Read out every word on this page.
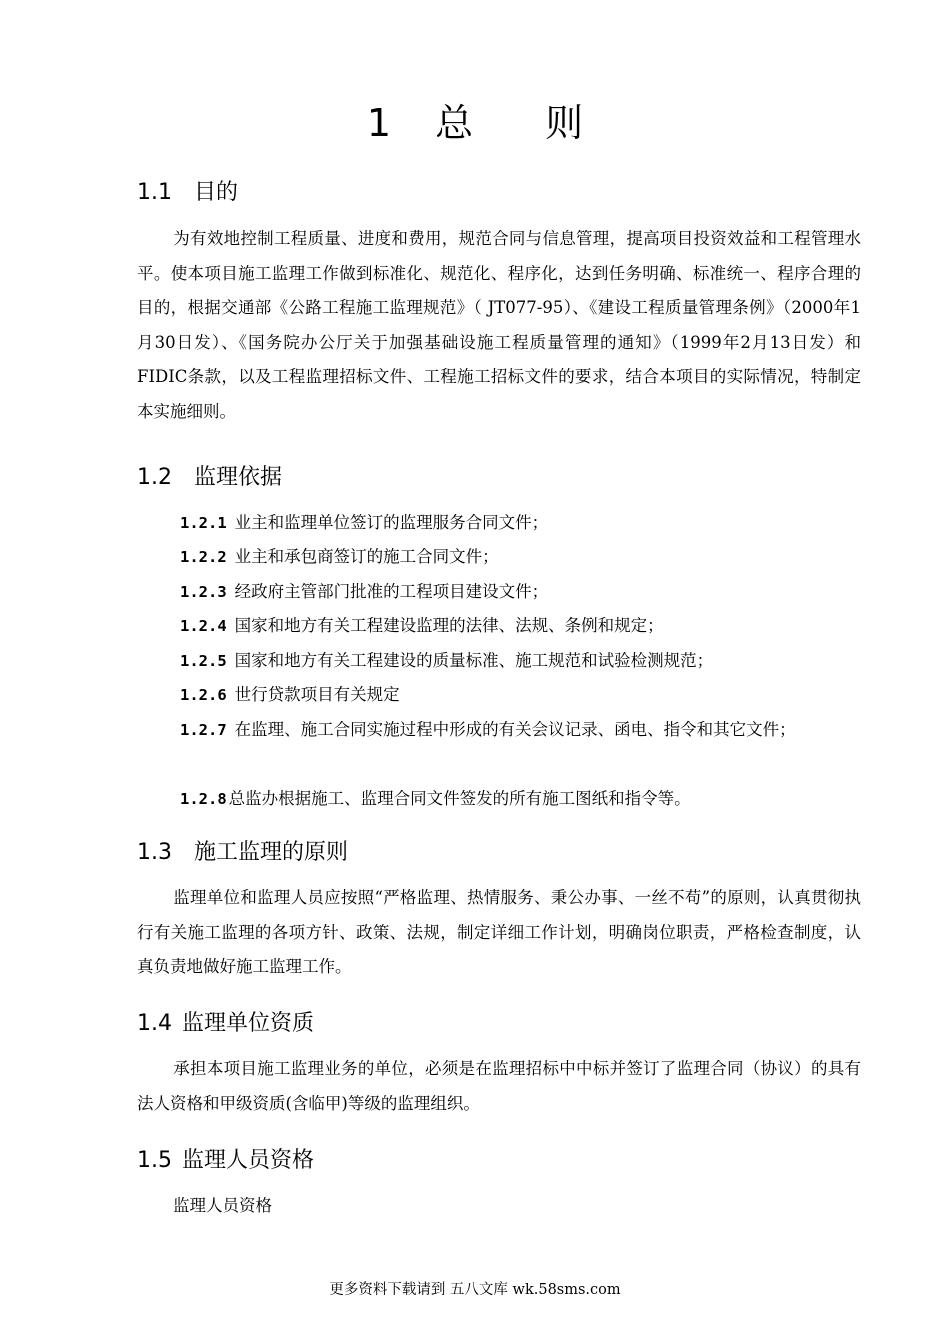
1 总 则
1.1 目的

为有效地控制工程质量、进度和费用，规范合同与信息管理，提高项目投资效益和工程管理水平。使本项目施工监理工作做到标准化、规范化、程序化，达到任务明确、标准统一、程序合理的目的，根据交通部《公路工程施工监理规范》（ JT077-95）、《建设工程质量管理条例》（2000年1月30日发）、《国务院办公厅关于加强基础设施工程质量管理的通知》（1999年2月13日发）和FIDIC条款，以及工程监理招标文件、工程施工招标文件的要求，结合本项目的实际情况，特制定本实施细则。

1.2 监理依据

1.2.1 业主和监理单位签订的监理服务合同文件；

1.2.2 业主和承包商签订的施工合同文件；

1.2.3 经政府主管部门批准的工程项目建设文件；

1.2.4 国家和地方有关工程建设监理的法律、法规、条例和规定；

1.2.5 国家和地方有关工程建设的质量标准、施工规范和试验检测规范；

1.2.6 世行贷款项目有关规定

1.2.7 在监理、施工合同实施过程中形成的有关会议记录、函电、指令和其它文件；

1.2.8 总监办根据施工、监理合同文件签发的所有施工图纸和指令等。

1.3 施工监理的原则

监理单位和监理人员应按照“严格监理、热情服务、秉公办事、一丝不苟”的原则，认真贯彻执行有关施工监理的各项方针、政策、法规，制定详细工作计划，明确岗位职责，严格检查制度，认真负责地做好施工监理工作。

1.4 监理单位资质

承担本项目施工监理业务的单位，必须是在监理招标中中标并签订了监理合同（协议）的具有法人资格和甲级资质(含临甲)等级的监理组织。

1.5 监理人员资格

监理人员资格

更多资料下载请到 五八文库 wk.58sms.com
